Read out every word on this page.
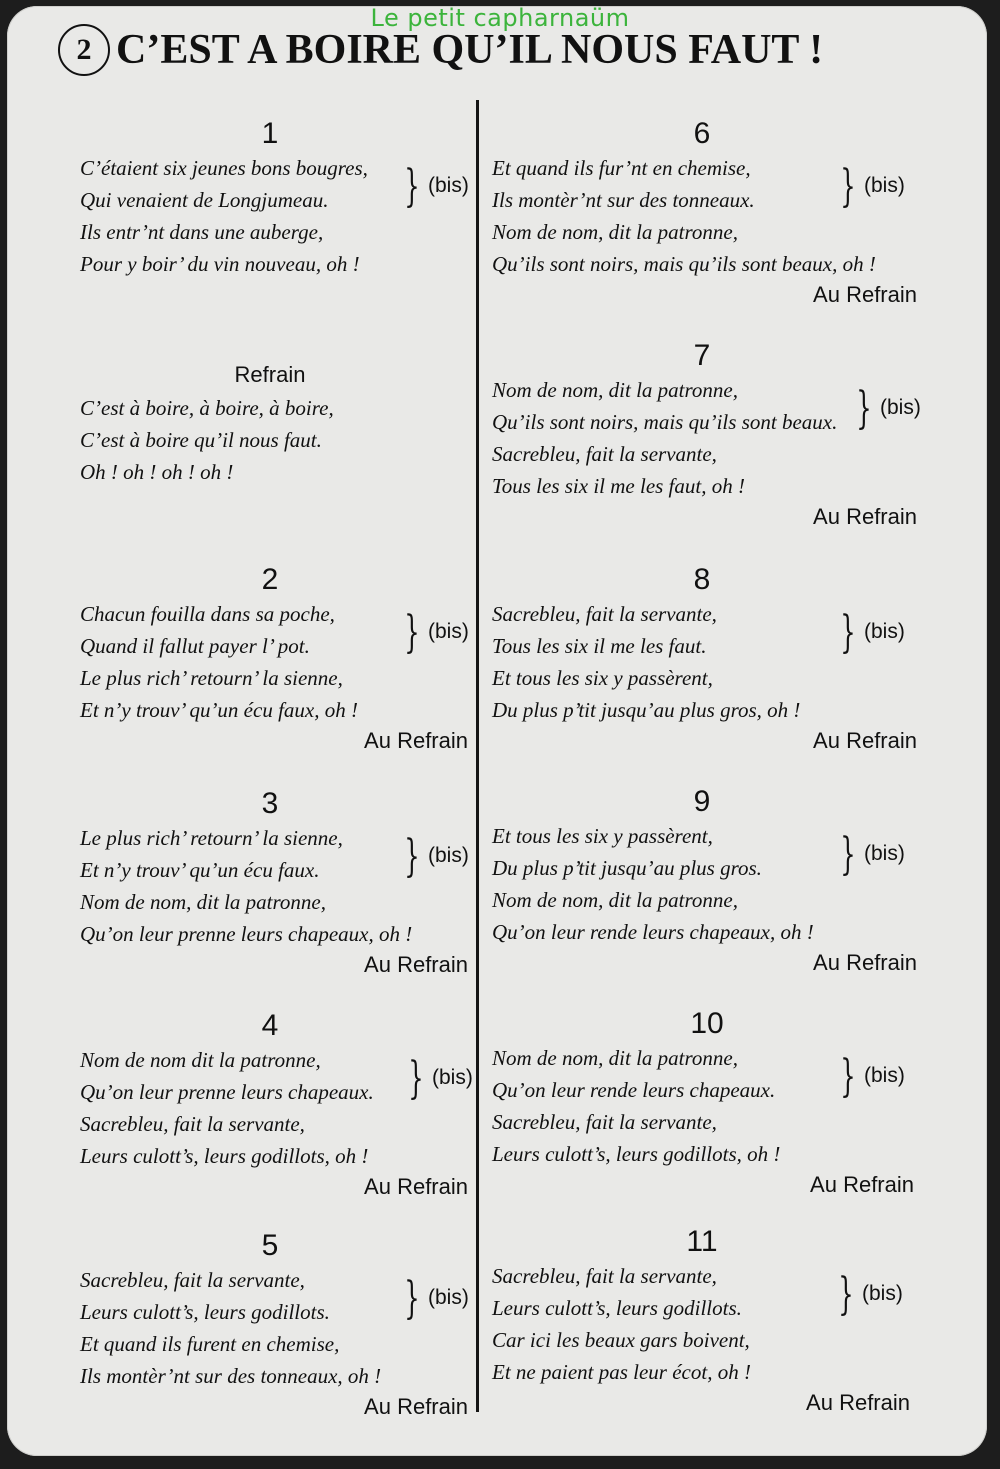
Le petit capharnaüm
2 C’EST A BOIRE QU’IL NOUS FAUT !
1
C’étaient six jeunes bons bougres,
Qui venaient de Longjumeau.
Ils entr’nt dans une auberge,
Pour y boir’ du vin nouveau, oh !
} (bis)
Refrain
C’est à boire, à boire, à boire,
C’est à boire qu’il nous faut.
Oh ! oh ! oh ! oh !
2
Chacun fouilla dans sa poche,
Quand il fallut payer l’ pot.
Le plus rich’ retourn’ la sienne,
Et n’y trouv’ qu’un écu faux, oh !
Au Refrain
} (bis)
3
Le plus rich’ retourn’ la sienne,
Et n’y trouv’ qu’un écu faux.
Nom de nom, dit la patronne,
Qu’on leur prenne leurs chapeaux, oh !
Au Refrain
} (bis)
4
Nom de nom dit la patronne,
Qu’on leur prenne leurs chapeaux.
Sacrebleu, fait la servante,
Leurs culott’s, leurs godillots, oh !
Au Refrain
} (bis)
5
Sacrebleu, fait la servante,
Leurs culott’s, leurs godillots.
Et quand ils furent en chemise,
Ils montèr’nt sur des tonneaux, oh !
Au Refrain
} (bis)
6
Et quand ils fur’nt en chemise,
Ils montèr’nt sur des tonneaux.
Nom de nom, dit la patronne,
Qu’ils sont noirs, mais qu’ils sont beaux, oh !
Au Refrain
} (bis)
7
Nom de nom, dit la patronne,
Qu’ils sont noirs, mais qu’ils sont beaux.
Sacrebleu, fait la servante,
Tous les six il me les faut, oh !
Au Refrain
} (bis)
8
Sacrebleu, fait la servante,
Tous les six il me les faut.
Et tous les six y passèrent,
Du plus p’tit jusqu’au plus gros, oh !
Au Refrain
} (bis)
9
Et tous les six y passèrent,
Du plus p’tit jusqu’au plus gros.
Nom de nom, dit la patronne,
Qu’on leur rende leurs chapeaux, oh !
Au Refrain
} (bis)
10
Nom de nom, dit la patronne,
Qu’on leur rende leurs chapeaux.
Sacrebleu, fait la servante,
Leurs culott’s, leurs godillots, oh !
Au Refrain
} (bis)
11
Sacrebleu, fait la servante,
Leurs culott’s, leurs godillots.
Car ici les beaux gars boivent,
Et ne paient pas leur écot, oh !
Au Refrain
} (bis)
